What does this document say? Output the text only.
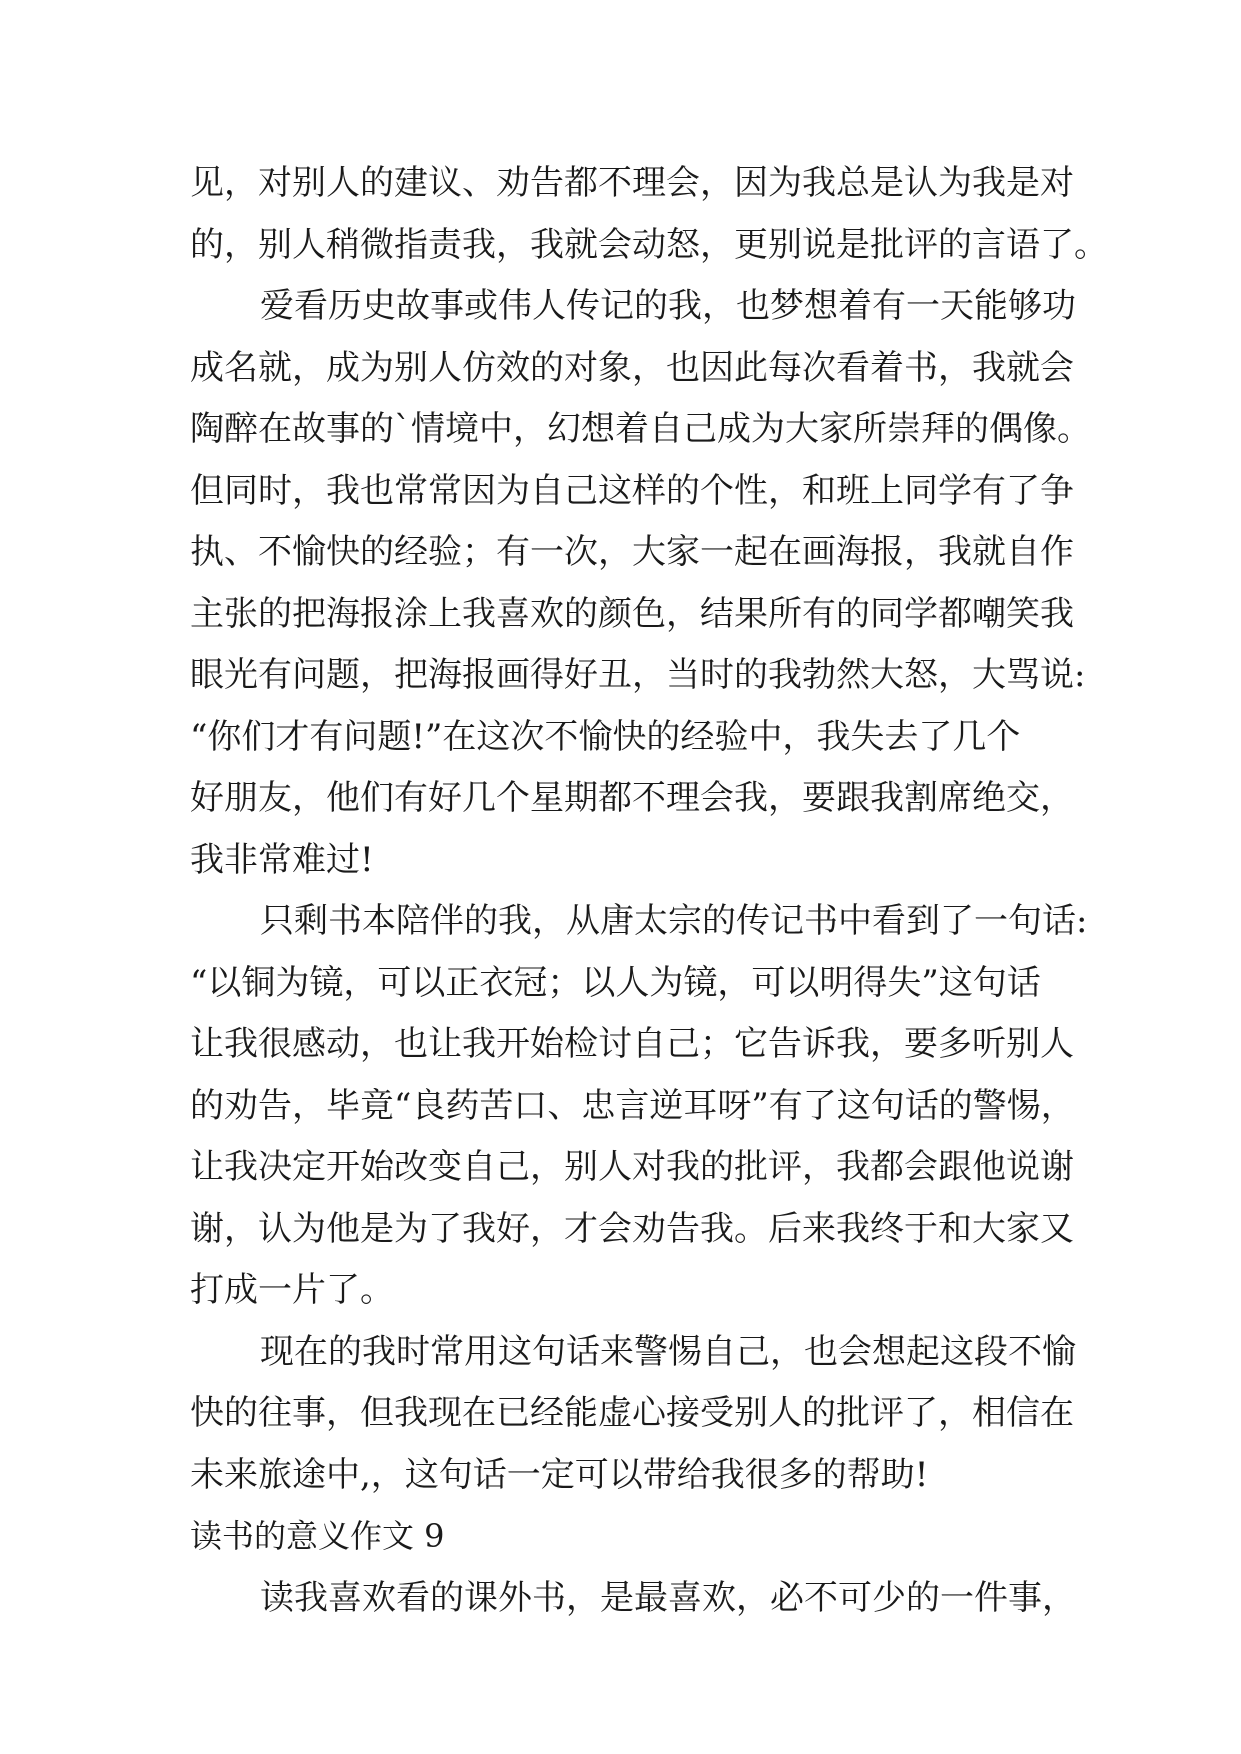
见，对别人的建议、劝告都不理会，因为我总是认为我是对
的，别人稍微指责我，我就会动怒，更别说是批评的言语了。
爱看历史故事或伟人传记的我，也梦想着有一天能够功
成名就，成为别人仿效的对象，也因此每次看着书，我就会
陶醉在故事的`情境中，幻想着自己成为大家所崇拜的偶像。
但同时，我也常常因为自己这样的个性，和班上同学有了争
执、不愉快的经验；有一次，大家一起在画海报，我就自作
主张的把海报涂上我喜欢的颜色，结果所有的同学都嘲笑我
眼光有问题，把海报画得好丑，当时的我勃然大怒，大骂说:
“你们才有问题!”在这次不愉快的经验中，我失去了几个
好朋友，他们有好几个星期都不理会我，要跟我割席绝交，
我非常难过!
只剩书本陪伴的我，从唐太宗的传记书中看到了一句话:
“以铜为镜，可以正衣冠；以人为镜，可以明得失”这句话
让我很感动，也让我开始检讨自己；它告诉我，要多听别人
的劝告，毕竟“良药苦口、忠言逆耳呀”有了这句话的警惕，
让我决定开始改变自己，别人对我的批评，我都会跟他说谢
谢，认为他是为了我好，才会劝告我。后来我终于和大家又
打成一片了。
现在的我时常用这句话来警惕自己，也会想起这段不愉
快的往事，但我现在已经能虚心接受别人的批评了，相信在
未来旅途中,，这句话一定可以带给我很多的帮助!
读书的意义作文 9
读我喜欢看的课外书，是最喜欢，必不可少的一件事，
